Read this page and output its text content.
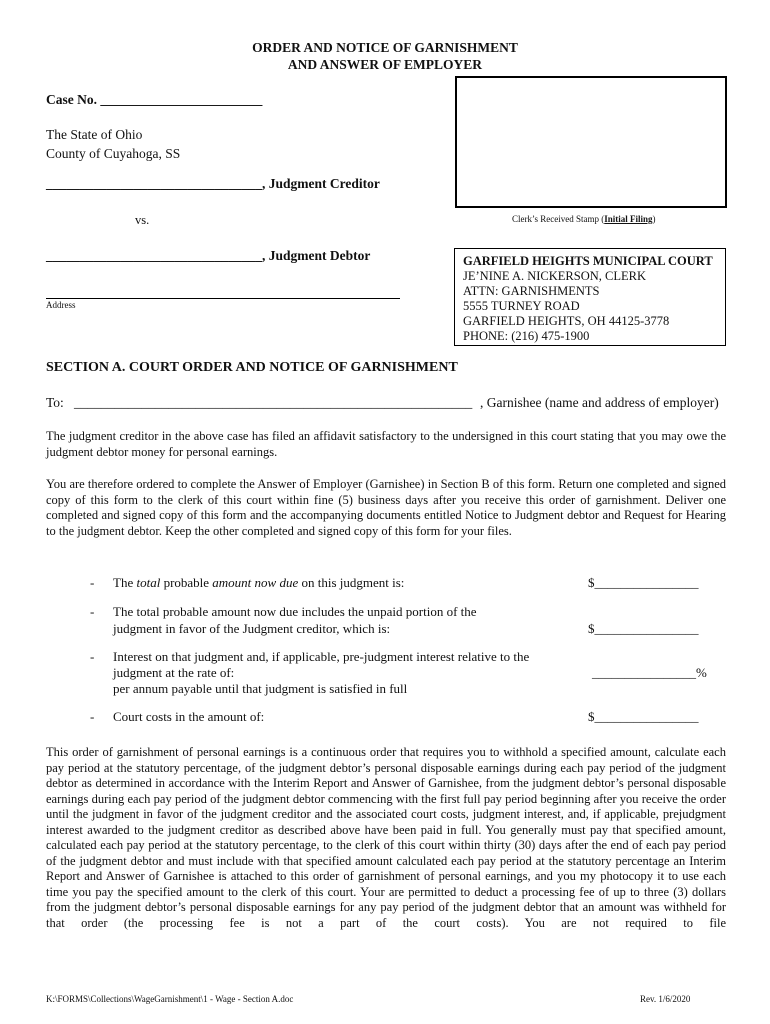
ORDER AND NOTICE OF GARNISHMENT
AND ANSWER OF EMPLOYER
Case No. ________________________
The State of Ohio
County of Cuyahoga, SS
________________________________, Judgment Creditor
vs.
________________________________, Judgment Debtor
Address
Clerk’s Received Stamp (Initial Filing)
GARFIELD HEIGHTS MUNICIPAL COURT
JE’NINE A. NICKERSON, CLERK
ATTN: GARNISHMENTS
5555 TURNEY ROAD
GARFIELD HEIGHTS, OH 44125-3778
PHONE: (216) 475-1900
SECTION A. COURT ORDER AND NOTICE OF GARNISHMENT
To: ___________________________________________________________ , Garnishee (name and address of employer)
The judgment creditor in the above case has filed an affidavit satisfactory to the undersigned in this court stating that you may owe the judgment debtor money for personal earnings.
You are therefore ordered to complete the Answer of Employer (Garnishee) in Section B of this form. Return one completed and signed copy of this form to the clerk of this court within fine (5) business days after you receive this order of garnishment. Deliver one completed and signed copy of this form and the accompanying documents entitled Notice to Judgment debtor and Request for Hearing to the judgment debtor. Keep the other completed and signed copy of this form for your files.
- The total probable amount now due on this judgment is:	$________________
- The total probable amount now due includes the unpaid portion of the
judgment in favor of the Judgment creditor, which is:	$________________
- Interest on that judgment and, if applicable, pre-judgment interest relative to the
judgment at the rate of:
per annum payable until that judgment is satisfied in full
________________%
- Court costs in the amount of:	$________________
This order of garnishment of personal earnings is a continuous order that requires you to withhold a specified amount, calculate each pay period at the statutory percentage, of the judgment debtor’s personal disposable earnings during each pay period of the judgment debtor as determined in accordance with the Interim Report and Answer of Garnishee, from the judgment debtor’s personal disposable earnings during each pay period of the judgment debtor commencing with the first full pay period beginning after you receive the order until the judgment in favor of the judgment creditor and the associated court costs, judgment interest, and, if applicable, prejudgment interest awarded to the judgment creditor as described above have been paid in full. You generally must pay that specified amount, calculated each pay period at the statutory percentage, to the clerk of this court within thirty (30) days after the end of each pay period of the judgment debtor and must include with that specified amount calculated each pay period at the statutory percentage an Interim Report and Answer of Garnishee is attached to this order of garnishment of personal earnings, and you my photocopy it to use each time you pay the specified amount to the clerk of this court. Your are permitted to deduct a processing fee of up to three (3) dollars from the judgment debtor’s personal disposable earnings for any pay period of the judgment debtor that an amount was withheld for that order (the processing fee is not a part of the court costs). You are not required to file
K:\FORMS\Collections\WageGarnishment\1 - Wage - Section A.doc	Rev. 1/6/2020
